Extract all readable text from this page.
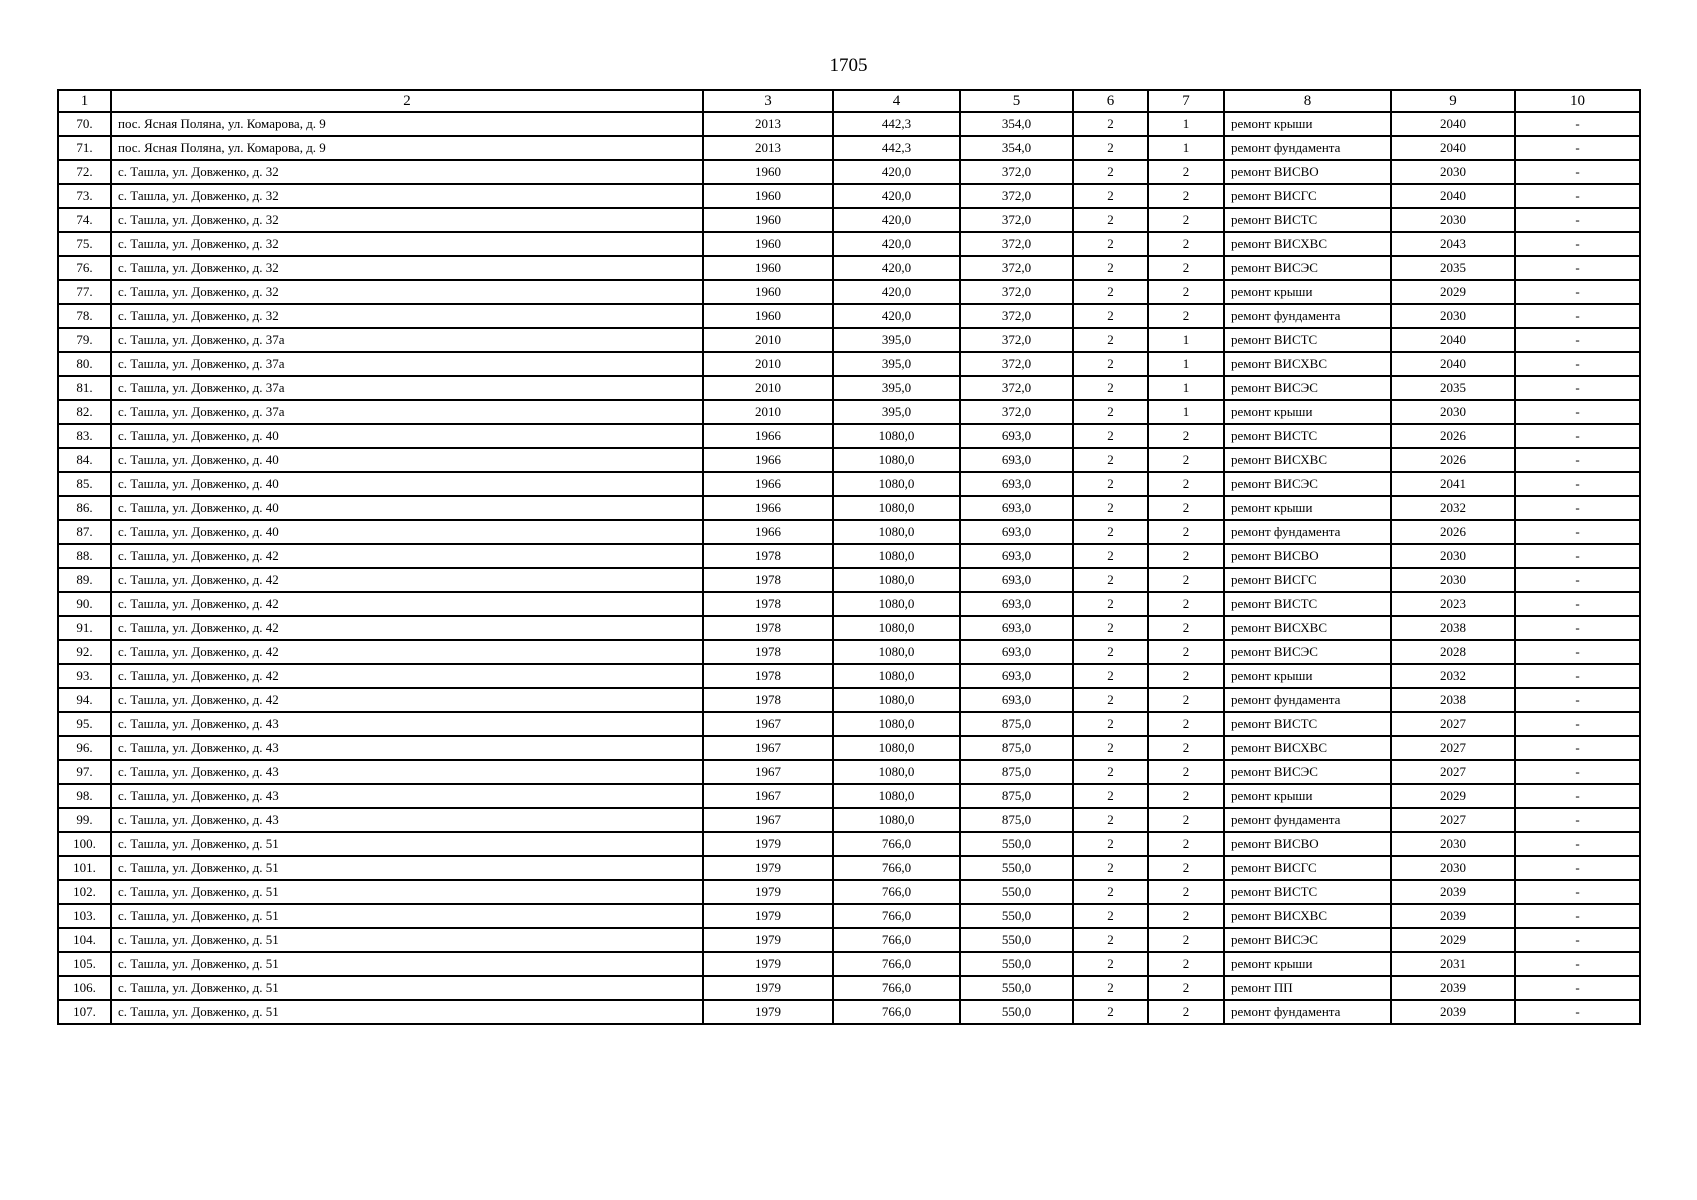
1705
1	2	3	4	5	6	7	8	9	10
70.	пос. Ясная Поляна, ул. Комарова, д. 9	2013	442,3	354,0	2	1	ремонт крыши	2040	-
71.	пос. Ясная Поляна, ул. Комарова, д. 9	2013	442,3	354,0	2	1	ремонт фундамента	2040	-
72.	с. Ташла, ул. Довженко, д. 32	1960	420,0	372,0	2	2	ремонт ВИСВО	2030	-
73.	с. Ташла, ул. Довженко, д. 32	1960	420,0	372,0	2	2	ремонт ВИСГС	2040	-
74.	с. Ташла, ул. Довженко, д. 32	1960	420,0	372,0	2	2	ремонт ВИСТС	2030	-
75.	с. Ташла, ул. Довженко, д. 32	1960	420,0	372,0	2	2	ремонт ВИСХВС	2043	-
76.	с. Ташла, ул. Довженко, д. 32	1960	420,0	372,0	2	2	ремонт ВИСЭС	2035	-
77.	с. Ташла, ул. Довженко, д. 32	1960	420,0	372,0	2	2	ремонт крыши	2029	-
78.	с. Ташла, ул. Довженко, д. 32	1960	420,0	372,0	2	2	ремонт фундамента	2030	-
79.	с. Ташла, ул. Довженко, д. 37а	2010	395,0	372,0	2	1	ремонт ВИСТС	2040	-
80.	с. Ташла, ул. Довженко, д. 37а	2010	395,0	372,0	2	1	ремонт ВИСХВС	2040	-
81.	с. Ташла, ул. Довженко, д. 37а	2010	395,0	372,0	2	1	ремонт ВИСЭС	2035	-
82.	с. Ташла, ул. Довженко, д. 37а	2010	395,0	372,0	2	1	ремонт крыши	2030	-
83.	с. Ташла, ул. Довженко, д. 40	1966	1080,0	693,0	2	2	ремонт ВИСТС	2026	-
84.	с. Ташла, ул. Довженко, д. 40	1966	1080,0	693,0	2	2	ремонт ВИСХВС	2026	-
85.	с. Ташла, ул. Довженко, д. 40	1966	1080,0	693,0	2	2	ремонт ВИСЭС	2041	-
86.	с. Ташла, ул. Довженко, д. 40	1966	1080,0	693,0	2	2	ремонт крыши	2032	-
87.	с. Ташла, ул. Довженко, д. 40	1966	1080,0	693,0	2	2	ремонт фундамента	2026	-
88.	с. Ташла, ул. Довженко, д. 42	1978	1080,0	693,0	2	2	ремонт ВИСВО	2030	-
89.	с. Ташла, ул. Довженко, д. 42	1978	1080,0	693,0	2	2	ремонт ВИСГС	2030	-
90.	с. Ташла, ул. Довженко, д. 42	1978	1080,0	693,0	2	2	ремонт ВИСТС	2023	-
91.	с. Ташла, ул. Довженко, д. 42	1978	1080,0	693,0	2	2	ремонт ВИСХВС	2038	-
92.	с. Ташла, ул. Довженко, д. 42	1978	1080,0	693,0	2	2	ремонт ВИСЭС	2028	-
93.	с. Ташла, ул. Довженко, д. 42	1978	1080,0	693,0	2	2	ремонт крыши	2032	-
94.	с. Ташла, ул. Довженко, д. 42	1978	1080,0	693,0	2	2	ремонт фундамента	2038	-
95.	с. Ташла, ул. Довженко, д. 43	1967	1080,0	875,0	2	2	ремонт ВИСТС	2027	-
96.	с. Ташла, ул. Довженко, д. 43	1967	1080,0	875,0	2	2	ремонт ВИСХВС	2027	-
97.	с. Ташла, ул. Довженко, д. 43	1967	1080,0	875,0	2	2	ремонт ВИСЭС	2027	-
98.	с. Ташла, ул. Довженко, д. 43	1967	1080,0	875,0	2	2	ремонт крыши	2029	-
99.	с. Ташла, ул. Довженко, д. 43	1967	1080,0	875,0	2	2	ремонт фундамента	2027	-
100.	с. Ташла, ул. Довженко, д. 51	1979	766,0	550,0	2	2	ремонт ВИСВО	2030	-
101.	с. Ташла, ул. Довженко, д. 51	1979	766,0	550,0	2	2	ремонт ВИСГС	2030	-
102.	с. Ташла, ул. Довженко, д. 51	1979	766,0	550,0	2	2	ремонт ВИСТС	2039	-
103.	с. Ташла, ул. Довженко, д. 51	1979	766,0	550,0	2	2	ремонт ВИСХВС	2039	-
104.	с. Ташла, ул. Довженко, д. 51	1979	766,0	550,0	2	2	ремонт ВИСЭС	2029	-
105.	с. Ташла, ул. Довженко, д. 51	1979	766,0	550,0	2	2	ремонт крыши	2031	-
106.	с. Ташла, ул. Довженко, д. 51	1979	766,0	550,0	2	2	ремонт ПП	2039	-
107.	с. Ташла, ул. Довженко, д. 51	1979	766,0	550,0	2	2	ремонт фундамента	2039	-
